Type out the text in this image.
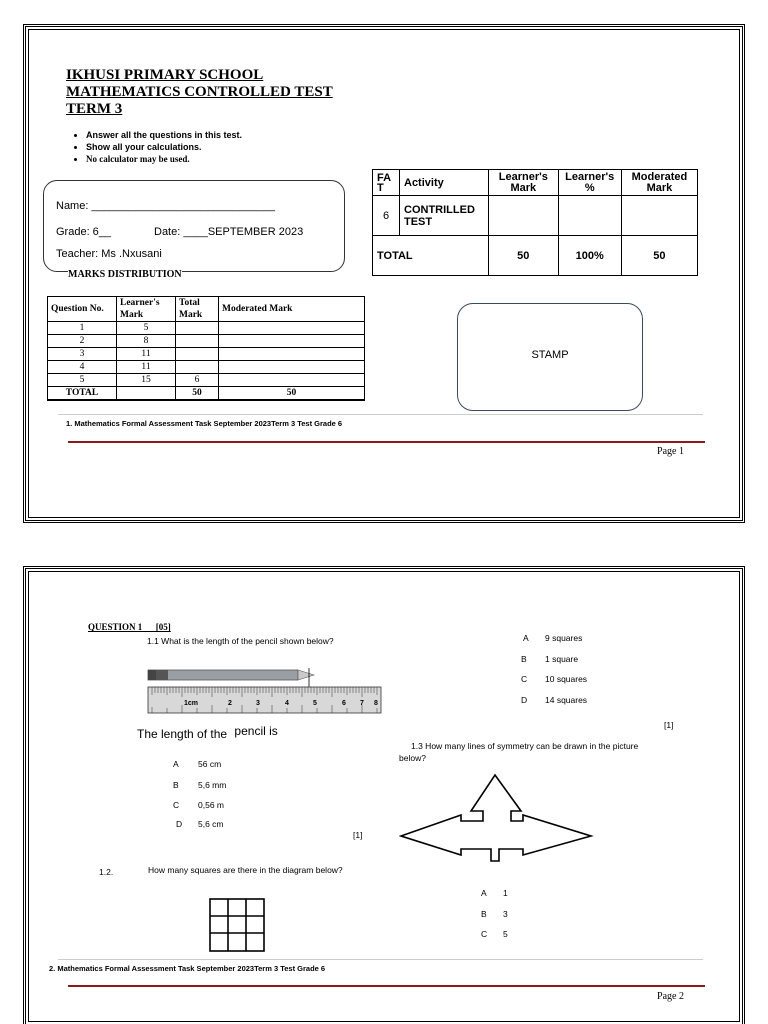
IKHUSI PRIMARY SCHOOL
MATHEMATICS CONTROLLED TEST
TERM 3
• Answer all the questions in this test.
• Show all your calculations.
• No calculator may be used.
Name: ______________________________
Grade: 6__	Date: ____SEPTEMBER 2023
Teacher: Ms .Nxusani
MARKS DISTRIBUTION
FA T	Activity	Learner's Mark	Learner's %	Moderated Mark
6	CONTRILLED TEST			
TOTAL		50	100%	50
Question No.	Learner's Mark	Total Mark	Moderated Mark
1	5		
2	8		
3	11		
4	11		
5	15	6	
TOTAL		50	50
STAMP
1. Mathematics Formal Assessment Task September 2023Term 3 Test Grade 6
Page 1
QUESTION 1      [05]
1.1 What is the length of the pencil shown below?
1cm	2	3	4	5	6 7 8
The length of the pencil is
A 56 cm
B 5,6 mm
C 0,56 m
D 5,6 cm
[1]
1.2.	How many squares are there in the diagram below?
A 9 squares
B 1 square
C 10 squares
D 14 squares
[1]
1.3 How many lines of symmetry can be drawn in the picture below?
A 1
B 3
C 5
2. Mathematics Formal Assessment Task September 2023Term 3 Test Grade 6
Page 2
